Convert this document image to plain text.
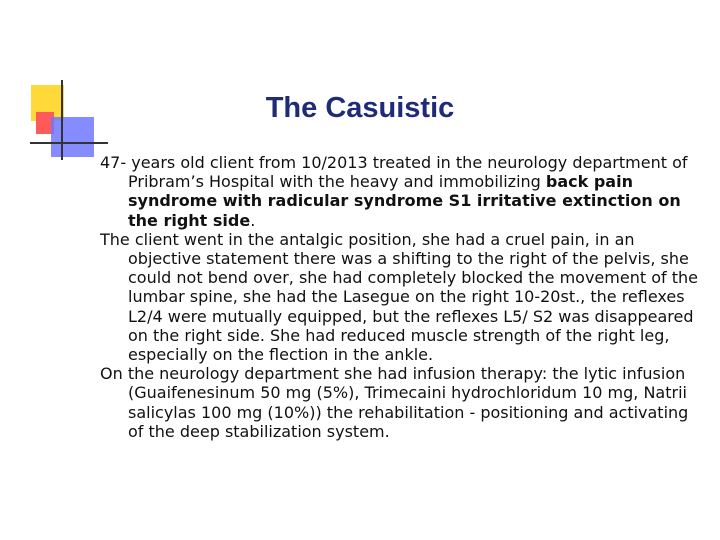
The Casuistic

47- years old client from 10/2013 treated in the neurology department of Pribram’s Hospital with the heavy and immobilizing back pain syndrome with radicular syndrome S1 irritative extinction on the right side.

The client went in the antalgic position, she had a cruel pain, in an objective statement there was a shifting to the right of the pelvis, she could not bend over, she had completely blocked the movement of the lumbar spine, she had the Lasegue on the right 10-20st., the reflexes L2/4 were mutually equipped, but the reflexes L5/ S2 was disappeared on the right side. She had reduced muscle strength of the right leg, especially on the flection in the ankle.

On the neurology department she had infusion therapy: the lytic infusion (Guaifenesinum 50 mg (5%), Trimecaini hydrochloridum 10 mg, Natrii salicylas 100 mg (10%)) the rehabilitation - positioning and activating of the deep stabilization system.
